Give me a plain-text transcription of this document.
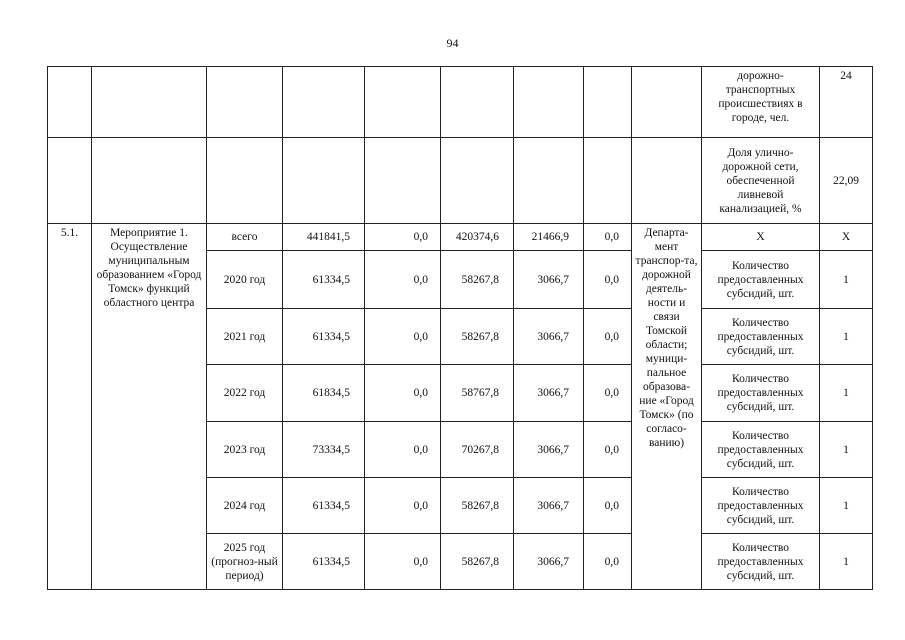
94
									дорожно-транспортных происшествиях в городе, чел.	24
									Доля улично-дорожной сети, обеспеченной ливневой канализацией, %	22,09
5.1.	Мероприятие 1. Осуществление муниципальным образованием «Город Томск» функций областного центра	всего	441841,5	0,0	420374,6	21466,9	0,0	Департа-мент транспор-та, дорожной деятель-ности и связи Томской области; муници-пальное образова-ние «Город Томск» (по согласо-ванию)	Х	Х
		2020 год	61334,5	0,0	58267,8	3066,7	0,0		Количество предоставленных субсидий, шт.	1
		2021 год	61334,5	0,0	58267,8	3066,7	0,0		Количество предоставленных субсидий, шт.	1
		2022 год	61834,5	0,0	58767,8	3066,7	0,0		Количество предоставленных субсидий, шт.	1
		2023 год	73334,5	0,0	70267,8	3066,7	0,0		Количество предоставленных субсидий, шт.	1
		2024 год	61334,5	0,0	58267,8	3066,7	0,0		Количество предоставленных субсидий, шт.	1
		2025 год (прогноз-ный период)	61334,5	0,0	58267,8	3066,7	0,0		Количество предоставленных субсидий, шт.	1
